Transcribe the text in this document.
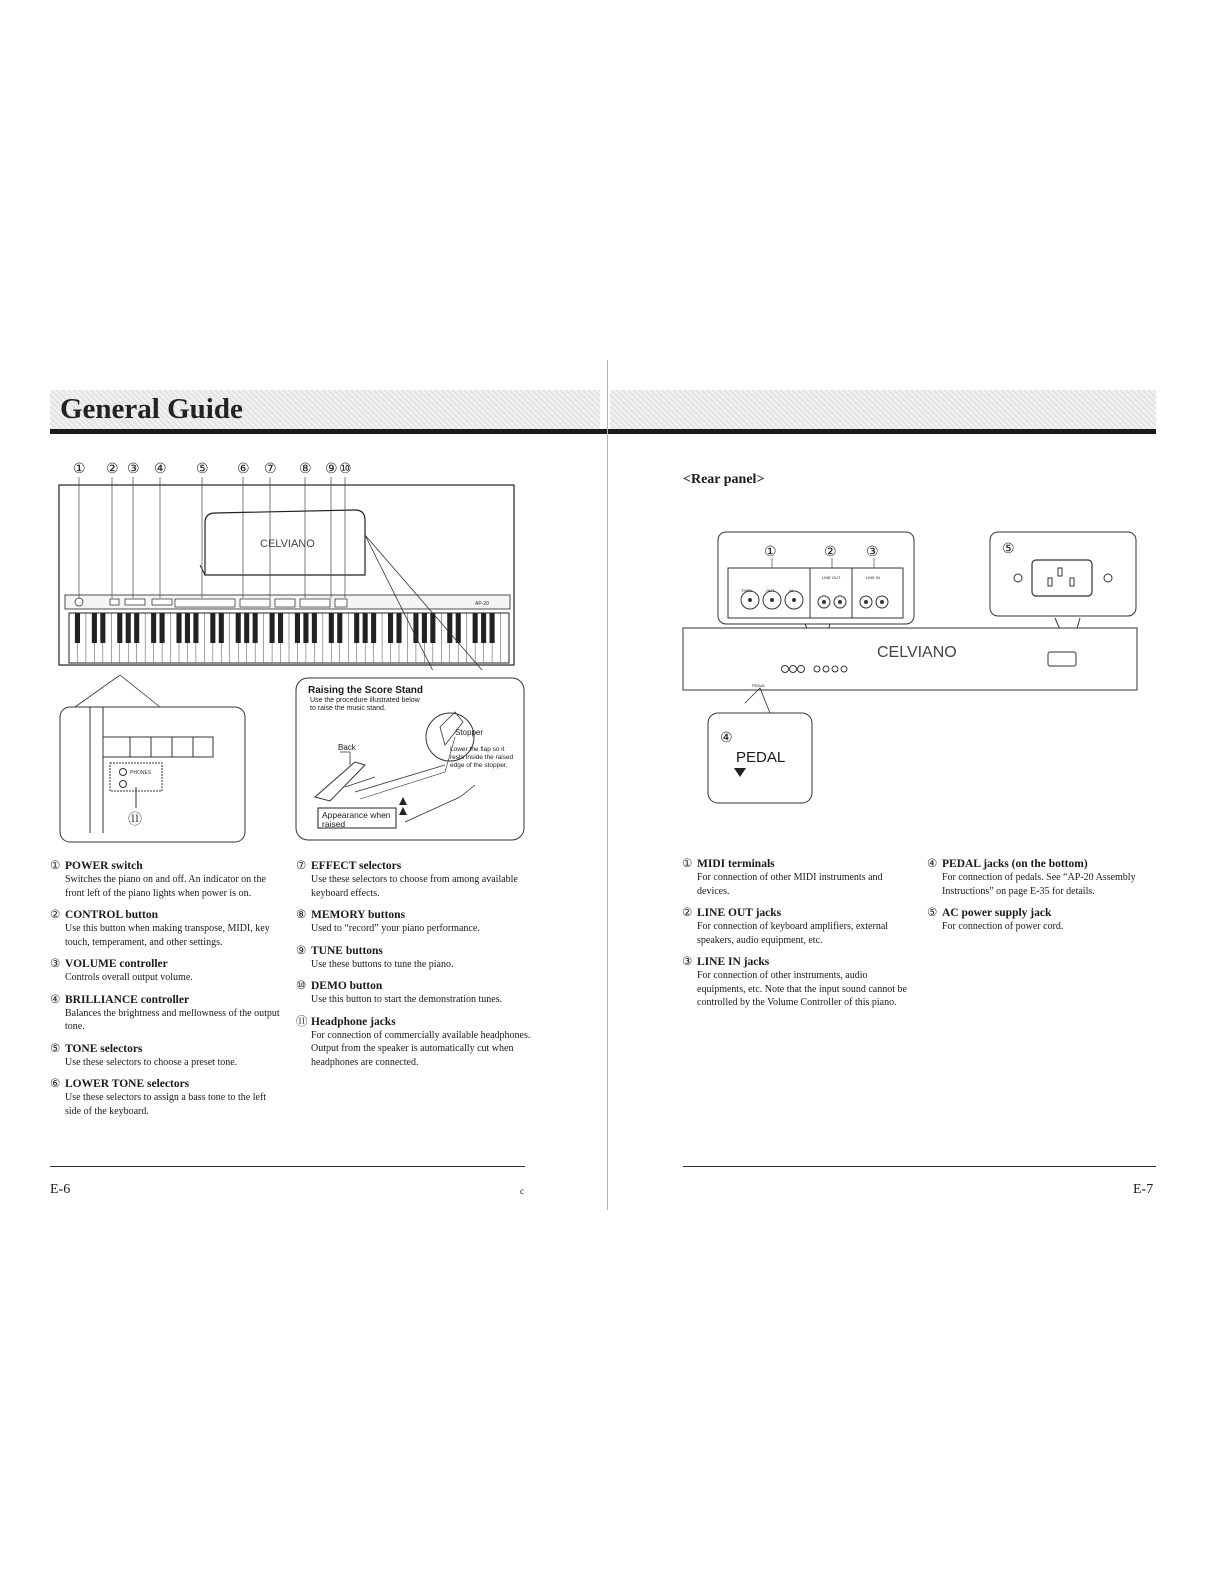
General Guide
CELVIANO
AP-20
① ② ③ ④ ⑤ ⑥ ⑦ ⑧ ⑨ ⑩
PHONES
⑪
Raising the Score Stand
Use the procedure illustrated below to raise the music stand.
Back
Stopper
Lower the flap so it rests inside the raised edge of the stopper.
Appearance when raised
① POWER switch
Switches the piano on and off. An indicator on the front left of the piano lights when power is on.
② CONTROL button
Use this button when making transpose, MIDI, key touch, temperament, and other settings.
③ VOLUME controller
Controls overall output volume.
④ BRILLIANCE controller
Balances the brightness and mellowness of the output tone.
⑤ TONE selectors
Use these selectors to choose a preset tone.
⑥ LOWER TONE selectors
Use these selectors to assign a bass tone to the left side of the keyboard.
⑦ EFFECT selectors
Use these selectors to choose from among available keyboard effects.
⑧ MEMORY buttons
Used to “record” your piano performance.
⑨ TUNE buttons
Use these buttons to tune the piano.
⑩ DEMO button
Use this button to start the demonstration tunes.
⑪ Headphone jacks
For connection of commercially available headphones. Output from the speaker is automatically cut when headphones are connected.
E-6	c
<Rear panel>
①	② ③	⑤
THRU	OUT	IN
LINE OUT	LINE IN
CELVIANO
PEDAL
④
PEDAL
① MIDI terminals
For connection of other MIDI instruments and devices.
② LINE OUT jacks
For connection of keyboard amplifiers, external speakers, audio equipment, etc.
③ LINE IN jacks
For connection of other instruments, audio equipments, etc. Note that the input sound cannot be controlled by the Volume Controller of this piano.
④ PEDAL jacks (on the bottom)
For connection of pedals. See “AP-20 Assembly Instructions” on page E-35 for details.
⑤ AC power supply jack
For connection of power cord.
E-7
